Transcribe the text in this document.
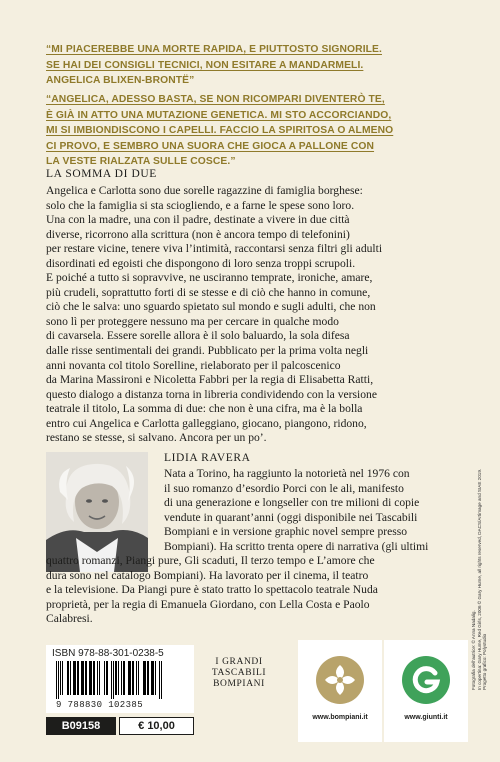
“MI PIACEREBBE UNA MORTE RAPIDA, E PIUTTOSTO SIGNORILE.
SE HAI DEI CONSIGLI TECNICI, NON ESITARE A MANDARMELI.
ANGELICA BLIXEN-BRONTË”
“ANGELICA, ADESSO BASTA, SE NON RICOMPARI DIVENTERÒ TE,
È GIÀ IN ATTO UNA MUTAZIONE GENETICA. MI STO ACCORCIANDO,
MI SI IMBIONDISCONO I CAPELLI. FACCIO LA SPIRITOSA O ALMENO
CI PROVO, E SEMBRO UNA SUORA CHE GIOCA A PALLONE CON
LA VESTE RIALZATA SULLE COSCE.”
LA SOMMA DI DUE
Angelica e Carlotta sono due sorelle ragazzine di famiglia borghese:
solo che la famiglia si sta sciogliendo, e a farne le spese sono loro.
Una con la madre, una con il padre, destinate a vivere in due città
diverse, ricorrono alla scrittura (non è ancora tempo di telefonini)
per restare vicine, tenere viva l’intimità, raccontarsi senza filtri gli adulti
disordinati ed egoisti che dispongono di loro senza troppi scrupoli.
E poiché a tutto si sopravvive, ne usciranno temprate, ironiche, amare,
più crudeli, soprattutto forti di se stesse e di ciò che hanno in comune,
ciò che le salva: uno sguardo spietato sul mondo e sugli adulti, che non
sono lì per proteggere nessuno ma per cercare in qualche modo
di cavarsela. Essere sorelle allora è il solo baluardo, la sola difesa
dalle risse sentimentali dei grandi. Pubblicato per la prima volta negli
anni novanta col titolo Sorelline, rielaborato per il palcoscenico
da Marina Massironi e Nicoletta Fabbri per la regia di Elisabetta Ratti,
questo dialogo a distanza torna in libreria condividendo con la versione
teatrale il titolo, La somma di due: che non è una cifra, ma è la bolla
entro cui Angelica e Carlotta galleggiano, giocano, piangono, ridono,
restano se stesse, si salvano. Ancora per un po’.
LIDIA RAVERA
Nata a Torino, ha raggiunto la notorietà nel 1976 con
il suo romanzo d’esordio Porci con le ali, manifesto
di una generazione e longseller con tre milioni di copie
vendute in quarant’anni (oggi disponibile nei Tascabili
Bompiani e in versione graphic novel sempre presso
Bompiani). Ha scritto trenta opere di narrativa (gli ultimi
quattro romanzi, Piangi pure, Gli scaduti, Il terzo tempo e L’amore che
dura sono nel catalogo Bompiani). Ha lavorato per il cinema, il teatro
e la televisione. Da Piangi pure è stato tratto lo spettacolo teatrale Nuda
proprietà, per la regia di Emanuela Giordano, con Lella Costa e Paolo
Calabresi.	Fotografia dell’autrice: © Anna Nadalig. In copertina: Gary Hume, Red Girls, 2006 © Gary Hume, all rights reserved, DACS/Artimage and SIAE 2019. Progetto grafico: Polystudio
ISBN 978-88-301-0238-5
9 788830 102385
B09158	€ 10,00
I GRANDI
TASCABILI
BOMPIANI
www.bompiani.it	www.giunti.it
